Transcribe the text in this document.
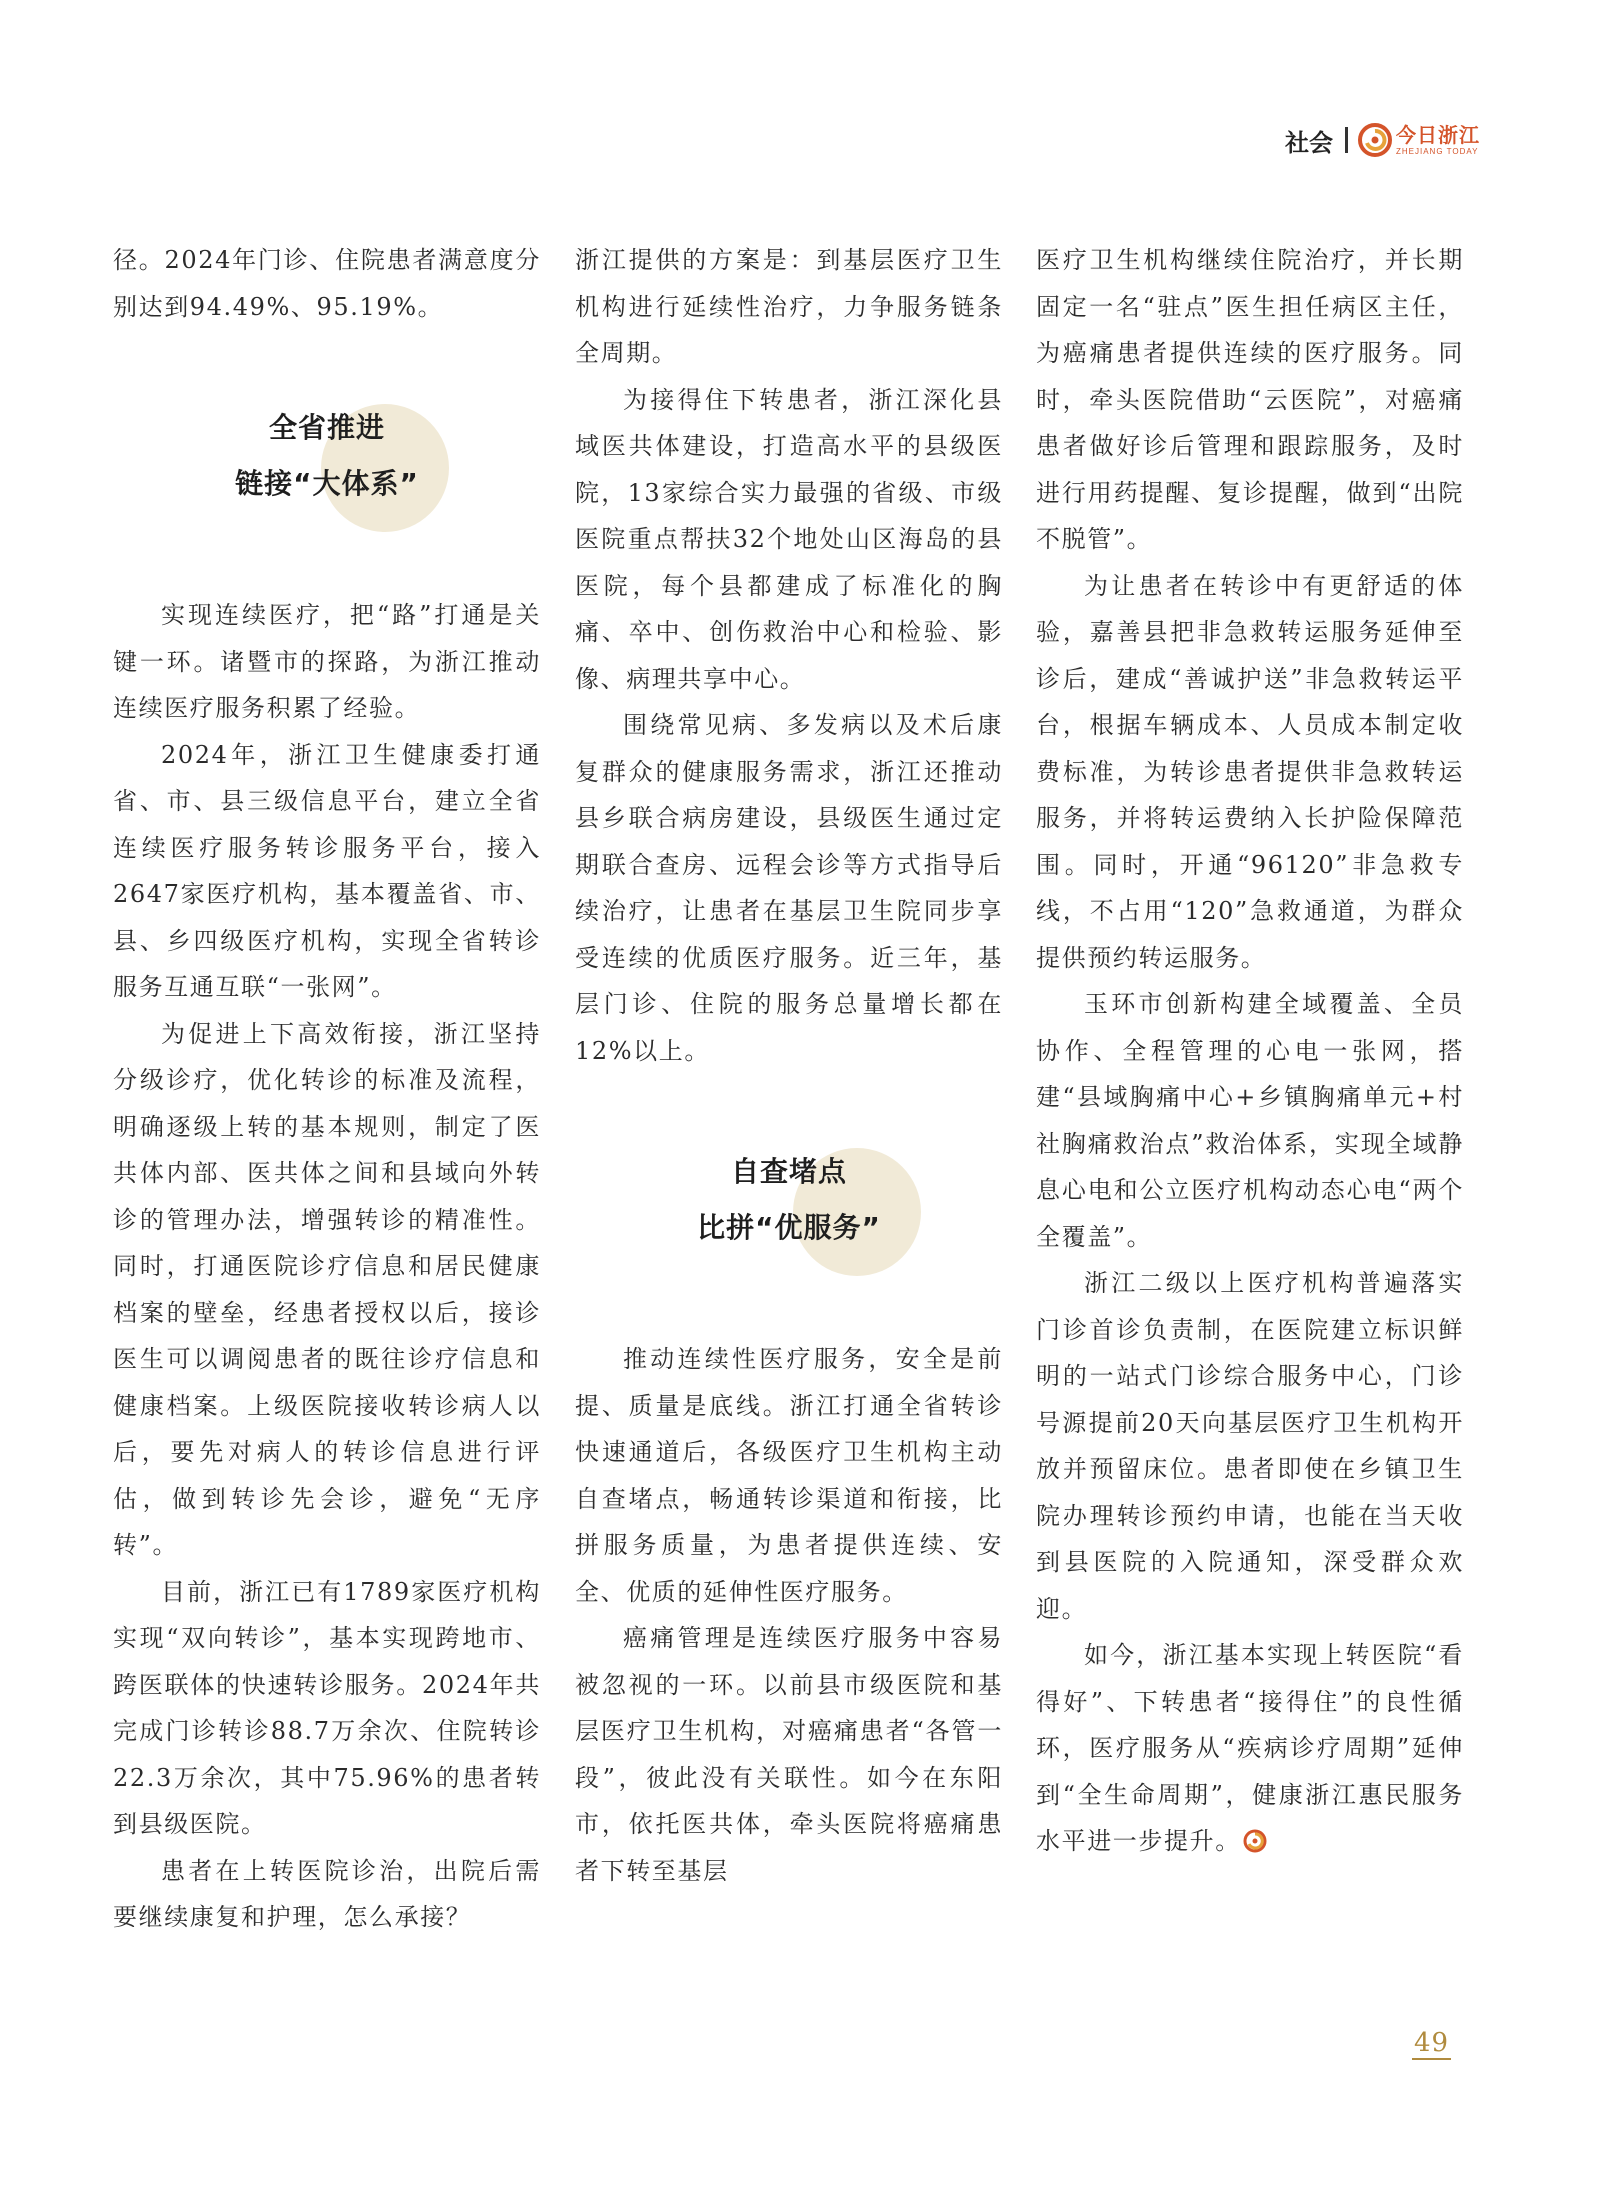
社会	今日浙江
ZHEJIANG TODAY

径。2024年门诊、住院患者满意度分别达到94.49%、95.19%。

全省推进
链接“大体系”

实现连续医疗，把“路”打通是关键一环。诸暨市的探路，为浙江推动连续医疗服务积累了经验。

2024年，浙江卫生健康委打通省、市、县三级信息平台，建立全省连续医疗服务转诊服务平台，接入2647家医疗机构，基本覆盖省、市、县、乡四级医疗机构，实现全省转诊服务互通互联“一张网”。

为促进上下高效衔接，浙江坚持分级诊疗，优化转诊的标准及流程，明确逐级上转的基本规则，制定了医共体内部、医共体之间和县域向外转诊的管理办法，增强转诊的精准性。同时，打通医院诊疗信息和居民健康档案的壁垒，经患者授权以后，接诊医生可以调阅患者的既往诊疗信息和健康档案。上级医院接收转诊病人以后，要先对病人的转诊信息进行评估，做到转诊先会诊，避免“无序转”。

目前，浙江已有1789家医疗机构实现“双向转诊”，基本实现跨地市、跨医联体的快速转诊服务。2024年共完成门诊转诊88.7万余次、住院转诊22.3万余次，其中75.96%的患者转到县级医院。

患者在上转医院诊治，出院后需要继续康复和护理，怎么承接？

浙江提供的方案是：到基层医疗卫生机构进行延续性治疗，力争服务链条全周期。

为接得住下转患者，浙江深化县域医共体建设，打造高水平的县级医院，13家综合实力最强的省级、市级医院重点帮扶32个地处山区海岛的县医院，每个县都建成了标准化的胸痛、卒中、创伤救治中心和检验、影像、病理共享中心。

围绕常见病、多发病以及术后康复群众的健康服务需求，浙江还推动县乡联合病房建设，县级医生通过定期联合查房、远程会诊等方式指导后续治疗，让患者在基层卫生院同步享受连续的优质医疗服务。近三年，基层门诊、住院的服务总量增长都在12%以上。

自查堵点
比拼“优服务”

推动连续性医疗服务，安全是前提、质量是底线。浙江打通全省转诊快速通道后，各级医疗卫生机构主动自查堵点，畅通转诊渠道和衔接，比拼服务质量，为患者提供连续、安全、优质的延伸性医疗服务。

癌痛管理是连续医疗服务中容易被忽视的一环。以前县市级医院和基层医疗卫生机构，对癌痛患者“各管一段”，彼此没有关联性。如今在东阳市，依托医共体，牵头医院将癌痛患者下转至基层

医疗卫生机构继续住院治疗，并长期固定一名“驻点”医生担任病区主任，为癌痛患者提供连续的医疗服务。同时，牵头医院借助“云医院”，对癌痛患者做好诊后管理和跟踪服务，及时进行用药提醒、复诊提醒，做到“出院不脱管”。

为让患者在转诊中有更舒适的体验，嘉善县把非急救转运服务延伸至诊后，建成“善诚护送”非急救转运平台，根据车辆成本、人员成本制定收费标准，为转诊患者提供非急救转运服务，并将转运费纳入长护险保障范围。同时，开通“96120”非急救专线，不占用“120”急救通道，为群众提供预约转运服务。

玉环市创新构建全域覆盖、全员协作、全程管理的心电一张网，搭建“县域胸痛中心+乡镇胸痛单元+村社胸痛救治点”救治体系，实现全域静息心电和公立医疗机构动态心电“两个全覆盖”。

浙江二级以上医疗机构普遍落实门诊首诊负责制，在医院建立标识鲜明的一站式门诊综合服务中心，门诊号源提前20天向基层医疗卫生机构开放并预留床位。患者即使在乡镇卫生院办理转诊预约申请，也能在当天收到县医院的入院通知，深受群众欢迎。

如今，浙江基本实现上转医院“看得好”、下转患者“接得住”的良性循环，医疗服务从“疾病诊疗周期”延伸到“全生命周期”，健康浙江惠民服务水平进一步提升。

49
